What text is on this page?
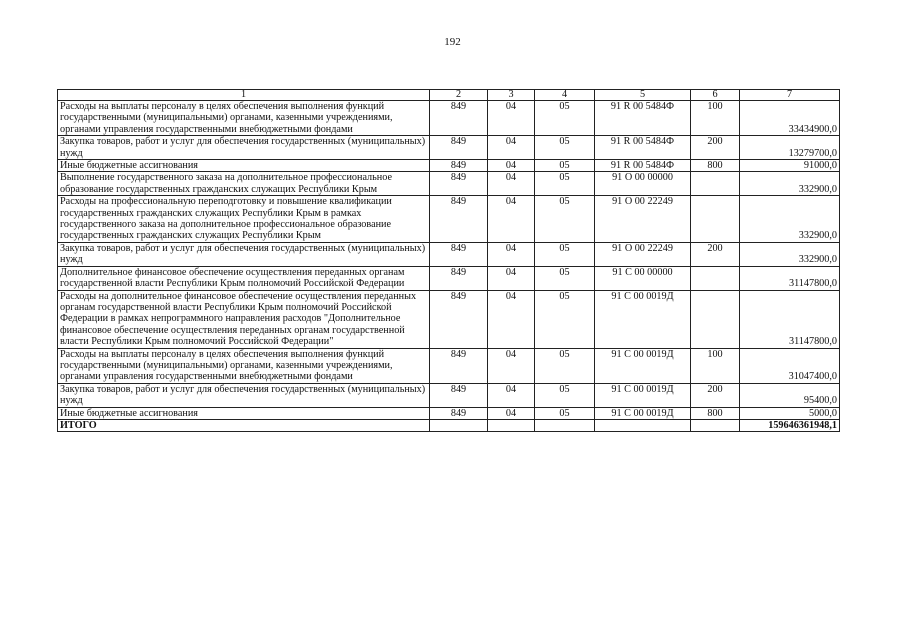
192
1	2	3	4	5	6	7
Расходы на выплаты персоналу в целях обеспечения выполнения функций государственными (муниципальными) органами, казенными учреждениями, органами управления государственными внебюджетными фондами	849	04	05	91 R 00 5484Ф	100	33434900,0
Закупка товаров, работ и услуг для обеспечения государственных (муниципальных) нужд	849	04	05	91 R 00 5484Ф	200	13279700,0
Иные бюджетные ассигнования	849	04	05	91 R 00 5484Ф	800	91000,0
Выполнение государственного заказа на дополнительное профессиональное образование государственных гражданских служащих Республики Крым	849	04	05	91 О 00 00000		332900,0
Расходы на профессиональную переподготовку и повышение квалификации государственных гражданских служащих Республики Крым в рамках государственного заказа на дополнительное профессиональное образование государственных гражданских служащих Республики Крым	849	04	05	91 О 00 22249		332900,0
Закупка товаров, работ и услуг для обеспечения государственных (муниципальных) нужд	849	04	05	91 О 00 22249	200	332900,0
Дополнительное финансовое обеспечение осуществления переданных органам государственной власти Республики Крым полномочий Российской Федерации	849	04	05	91 С 00 00000		31147800,0
Расходы на дополнительное финансовое обеспечение осуществления переданных органам государственной власти Республики Крым полномочий Российской Федерации в рамках непрограммного направления расходов "Дополнительное финансовое обеспечение осуществления переданных органам государственной власти Республики Крым полномочий Российской Федерации"	849	04	05	91 С 00 0019Д		31147800,0
Расходы на выплаты персоналу в целях обеспечения выполнения функций государственными (муниципальными) органами, казенными учреждениями, органами управления государственными внебюджетными фондами	849	04	05	91 С 00 0019Д	100	31047400,0
Закупка товаров, работ и услуг для обеспечения государственных (муниципальных) нужд	849	04	05	91 С 00 0019Д	200	95400,0
Иные бюджетные ассигнования	849	04	05	91 С 00 0019Д	800	5000,0
ИТОГО						159646361948,1
